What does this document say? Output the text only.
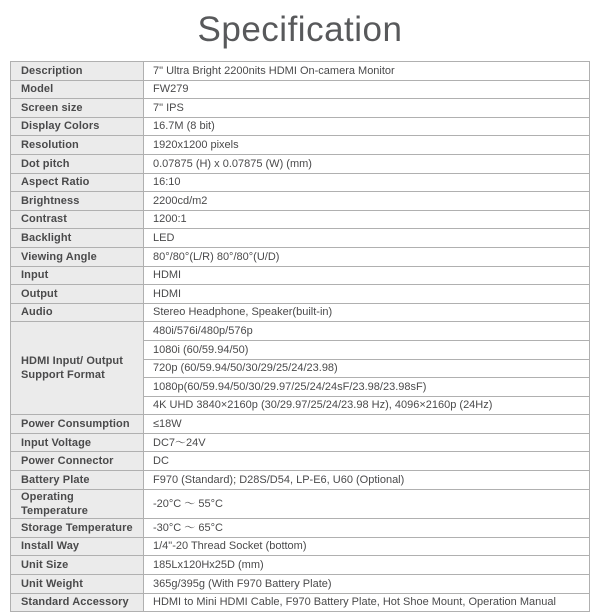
Specification
Description	7" Ultra Bright 2200nits HDMI On-camera Monitor
Model	FW279
Screen size	7" IPS
Display Colors	16.7M (8 bit)
Resolution	1920x1200 pixels
Dot pitch	0.07875 (H) x 0.07875 (W) (mm)
Aspect Ratio	16:10
Brightness	2200cd/m2
Contrast	1200:1
Backlight	LED
Viewing Angle	80°/80°(L/R) 80°/80°(U/D)
Input	HDMI
Output	HDMI
Audio	Stereo Headphone, Speaker(built-in)
HDMI Input/ Output Support Format	480i/576i/480p/576p
	1080i (60/59.94/50)
	720p (60/59.94/50/30/29/25/24/23.98)
	1080p(60/59.94/50/30/29.97/25/24/24sF/23.98/23.98sF)
	4K UHD 3840×2160p (30/29.97/25/24/23.98 Hz), 4096×2160p (24Hz)
Power Consumption	≤18W
Input Voltage	DC7～24V
Power Connector	DC
Battery Plate	F970 (Standard); D28S/D54, LP-E6, U60 (Optional)
Operating Temperature	-20°C ～ 55°C
Storage Temperature	-30°C ～ 65°C
Install Way	1/4"-20 Thread Socket (bottom)
Unit Size	185Lx120Hx25D (mm)
Unit Weight	365g/395g (With F970 Battery Plate)
Standard Accessory	HDMI to Mini HDMI Cable, F970 Battery Plate, Hot Shoe Mount, Operation Manual
